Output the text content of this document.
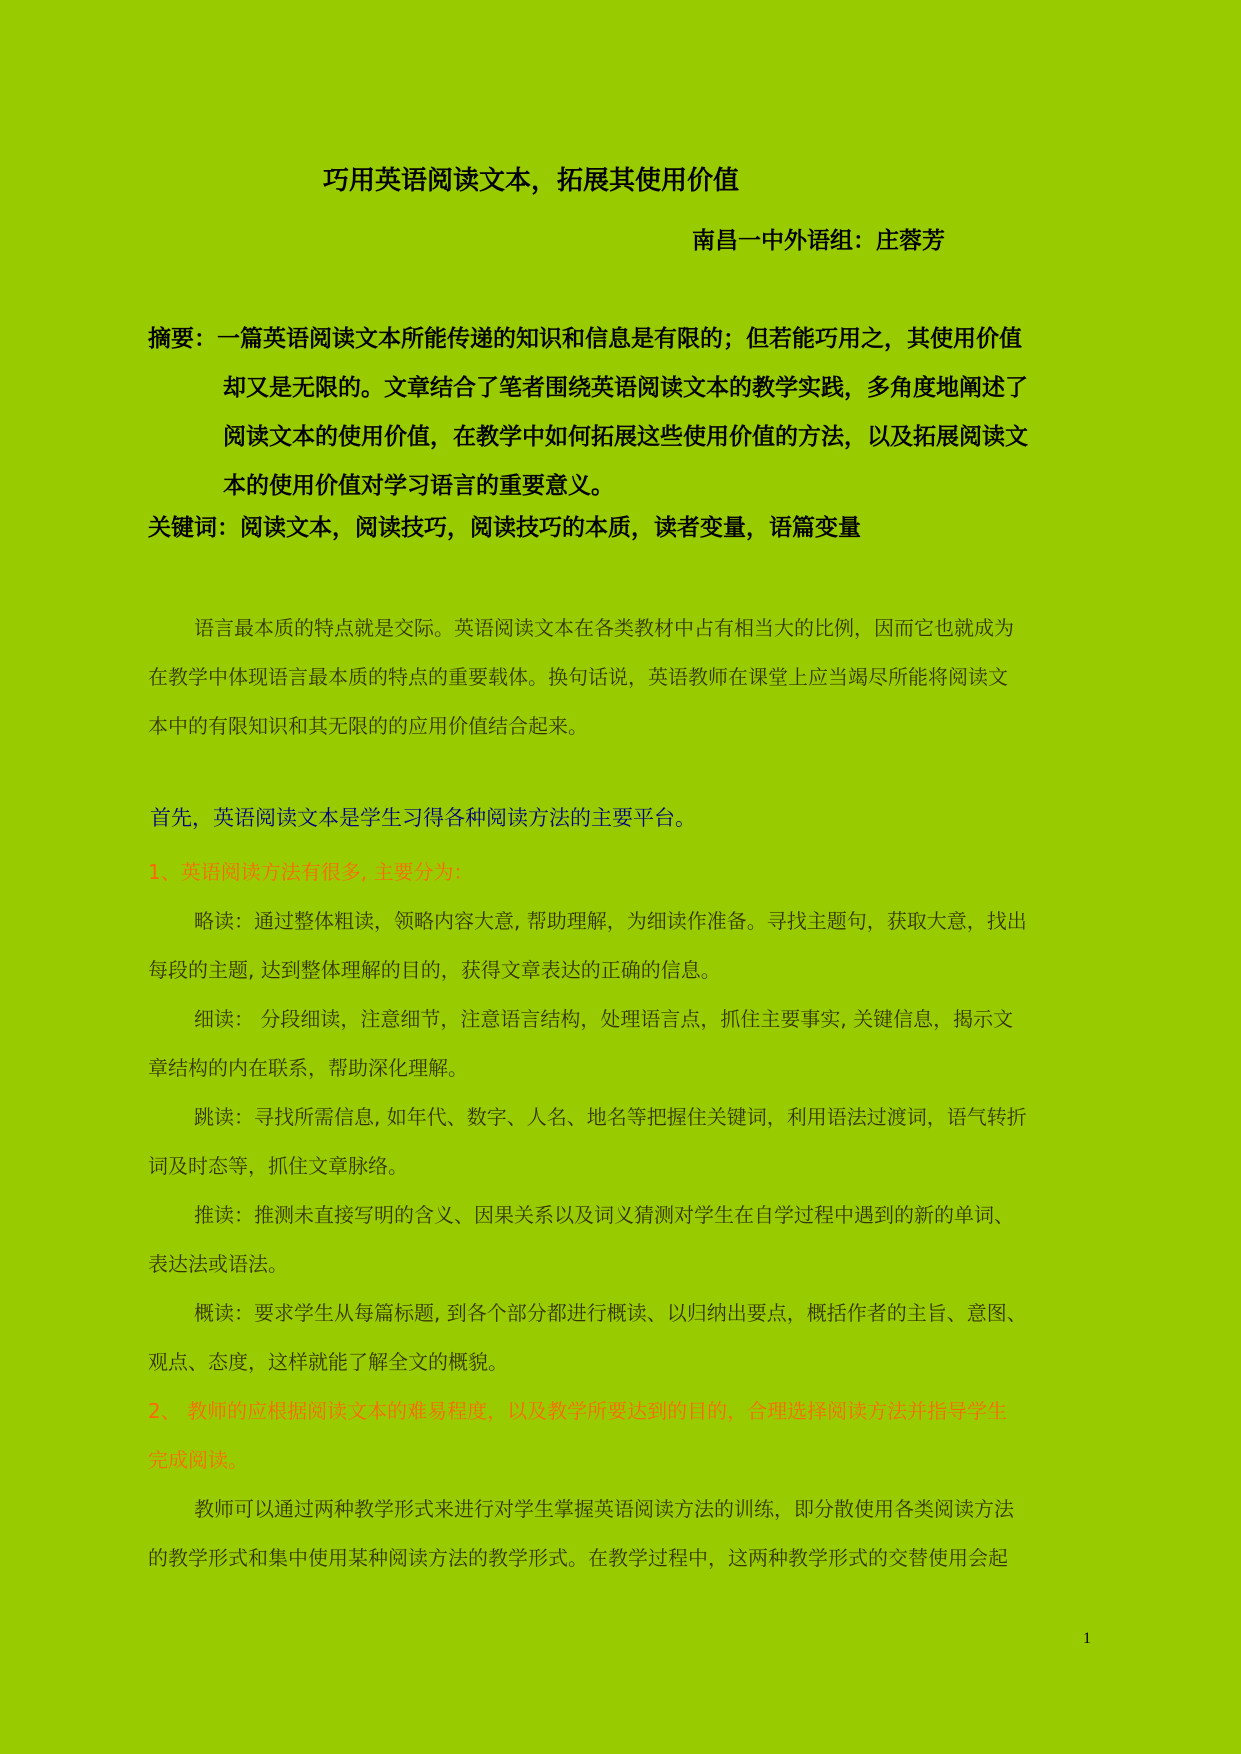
巧用英语阅读文本，拓展其使用价值
南昌一中外语组：庄蓉芳
摘要：一篇英语阅读文本所能传递的知识和信息是有限的；但若能巧用之，其使用价值
却又是无限的。文章结合了笔者围绕英语阅读文本的教学实践，多角度地阐述了
阅读文本的使用价值，在教学中如何拓展这些使用价值的方法，以及拓展阅读文
本的使用价值对学习语言的重要意义。
关键词：阅读文本，阅读技巧，阅读技巧的本质，读者变量，语篇变量
语言最本质的特点就是交际。英语阅读文本在各类教材中占有相当大的比例，因而它也就成为
在教学中体现语言最本质的特点的重要载体。换句话说，英语教师在课堂上应当竭尽所能将阅读文
本中的有限知识和其无限的的应用价值结合起来。
首先，英语阅读文本是学生习得各种阅读方法的主要平台。
1、英语阅读方法有很多, 主要分为：
略读：通过整体粗读，领略内容大意, 帮助理解，为细读作准备。寻找主题句，获取大意，找出
每段的主题, 达到整体理解的目的，获得文章表达的正确的信息。
细读： 分段细读，注意细节，注意语言结构，处理语言点，抓住主要事实, 关键信息，揭示文
章结构的内在联系，帮助深化理解。
跳读：寻找所需信息, 如年代、数字、人名、地名等把握住关键词，利用语法过渡词，语气转折
词及时态等，抓住文章脉络。
推读：推测未直接写明的含义、因果关系以及词义猜测对学生在自学过程中遇到的新的单词、
表达法或语法。
概读：要求学生从每篇标题, 到各个部分都进行概读、以归纳出要点，概括作者的主旨、意图、
观点、态度，这样就能了解全文的概貌。
2、 教师的应根据阅读文本的难易程度，以及教学所要达到的目的，合理选择阅读方法并指导学生
完成阅读。
教师可以通过两种教学形式来进行对学生掌握英语阅读方法的训练，即分散使用各类阅读方法
的教学形式和集中使用某种阅读方法的教学形式。在教学过程中，这两种教学形式的交替使用会起
1
